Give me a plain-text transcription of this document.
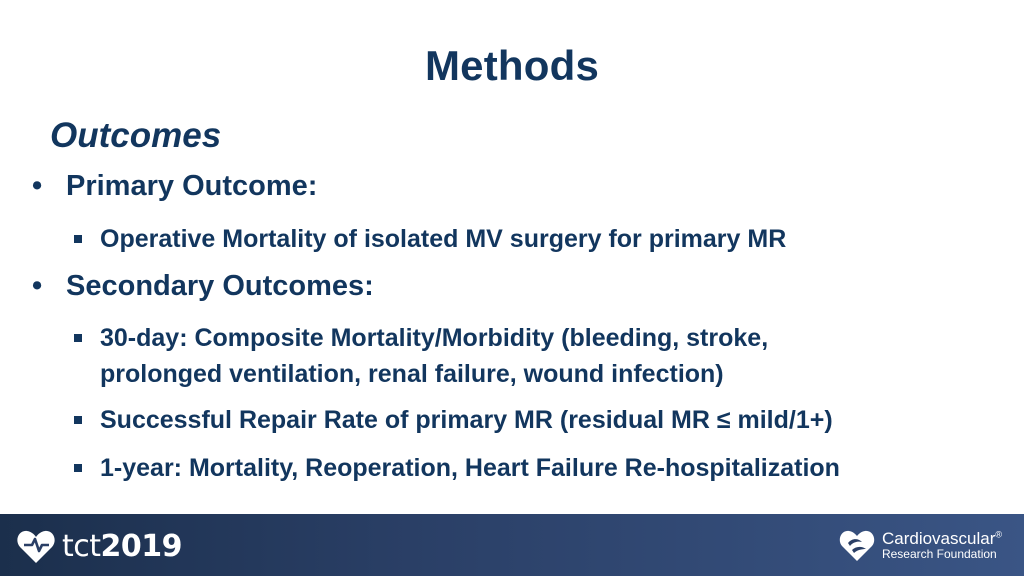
Methods
Outcomes
• Primary Outcome:
Operative Mortality of isolated MV surgery for primary MR
• Secondary Outcomes:
30-day: Composite Mortality/Morbidity (bleeding, stroke,
prolonged ventilation, renal failure, wound infection)
Successful Repair Rate of primary MR (residual MR ≤ mild/1+)
1-year: Mortality, Reoperation, Heart Failure Re-hospitalization
tct2019	Cardiovascular®
Research Foundation
